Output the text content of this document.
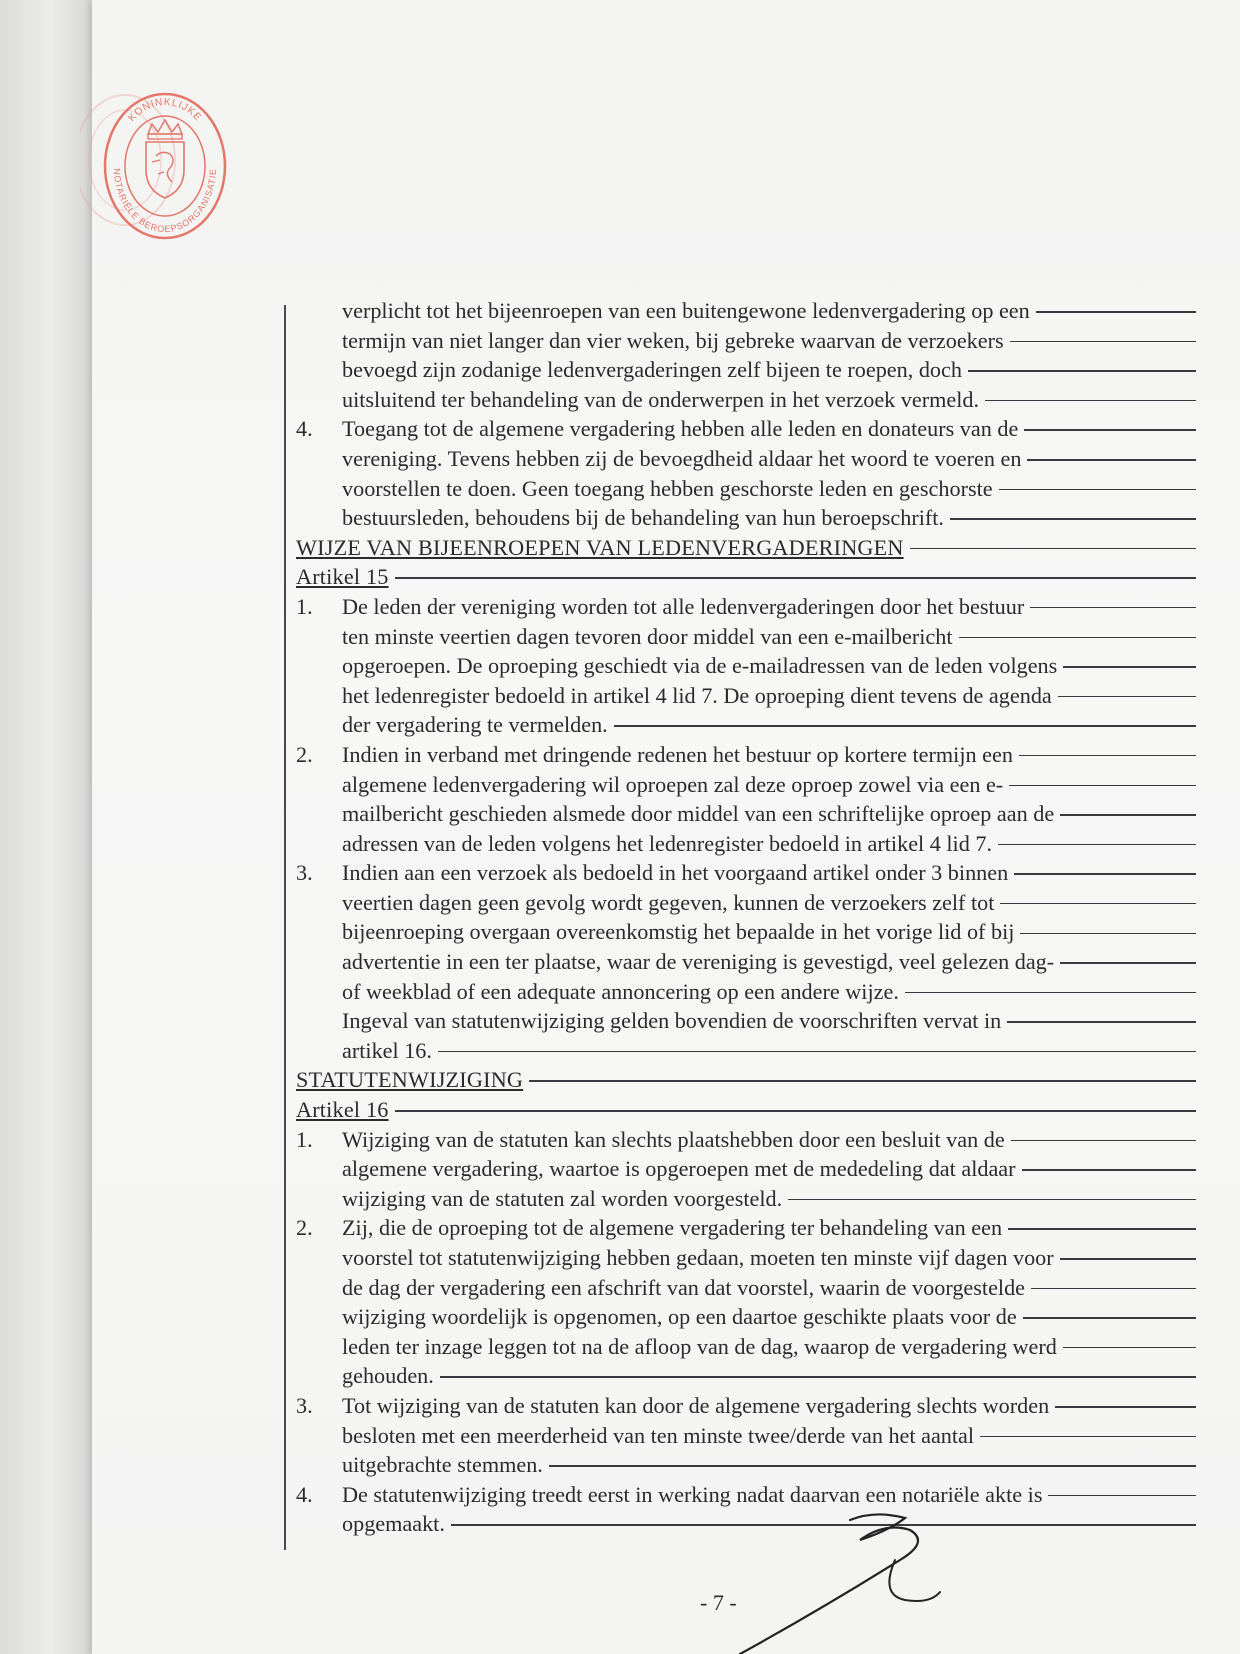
KONINKLIJKE
NOTARIËLE BEROEPSORGANISATIE
verplicht tot het bijeenroepen van een buitengewone ledenvergadering op een
termijn van niet langer dan vier weken, bij gebreke waarvan de verzoekers
bevoegd zijn zodanige ledenvergaderingen zelf bijeen te roepen, doch
uitsluitend ter behandeling van de onderwerpen in het verzoek vermeld.
4.	Toegang tot de algemene vergadering hebben alle leden en donateurs van de
vereniging. Tevens hebben zij de bevoegdheid aldaar het woord te voeren en
voorstellen te doen. Geen toegang hebben geschorste leden en geschorste
bestuursleden, behoudens bij de behandeling van hun beroepschrift.
WIJZE VAN BIJEENROEPEN VAN LEDENVERGADERINGEN
Artikel 15
1.	De leden der vereniging worden tot alle ledenvergaderingen door het bestuur
ten minste veertien dagen tevoren door middel van een e-mailbericht
opgeroepen. De oproeping geschiedt via de e-mailadressen van de leden volgens
het ledenregister bedoeld in artikel 4 lid 7. De oproeping dient tevens de agenda
der vergadering te vermelden.
2.	Indien in verband met dringende redenen het bestuur op kortere termijn een
algemene ledenvergadering wil oproepen zal deze oproep zowel via een e-
mailbericht geschieden alsmede door middel van een schriftelijke oproep aan de
adressen van de leden volgens het ledenregister bedoeld in artikel 4 lid 7.
3.	Indien aan een verzoek als bedoeld in het voorgaand artikel onder 3 binnen
veertien dagen geen gevolg wordt gegeven, kunnen de verzoekers zelf tot
bijeenroeping overgaan overeenkomstig het bepaalde in het vorige lid of bij
advertentie in een ter plaatse, waar de vereniging is gevestigd, veel gelezen dag-
of weekblad of een adequate annoncering op een andere wijze.
Ingeval van statutenwijziging gelden bovendien de voorschriften vervat in
artikel 16.
STATUTENWIJZIGING
Artikel 16
1.	Wijziging van de statuten kan slechts plaatshebben door een besluit van de
algemene vergadering, waartoe is opgeroepen met de mededeling dat aldaar
wijziging van de statuten zal worden voorgesteld.
2.	Zij, die de oproeping tot de algemene vergadering ter behandeling van een
voorstel tot statutenwijziging hebben gedaan, moeten ten minste vijf dagen voor
de dag der vergadering een afschrift van dat voorstel, waarin de voorgestelde
wijziging woordelijk is opgenomen, op een daartoe geschikte plaats voor de
leden ter inzage leggen tot na de afloop van de dag, waarop de vergadering werd
gehouden.
3.	Tot wijziging van de statuten kan door de algemene vergadering slechts worden
besloten met een meerderheid van ten minste twee/derde van het aantal
uitgebrachte stemmen.
4.	De statutenwijziging treedt eerst in werking nadat daarvan een notariële akte is
opgemaakt.
- 7 -
